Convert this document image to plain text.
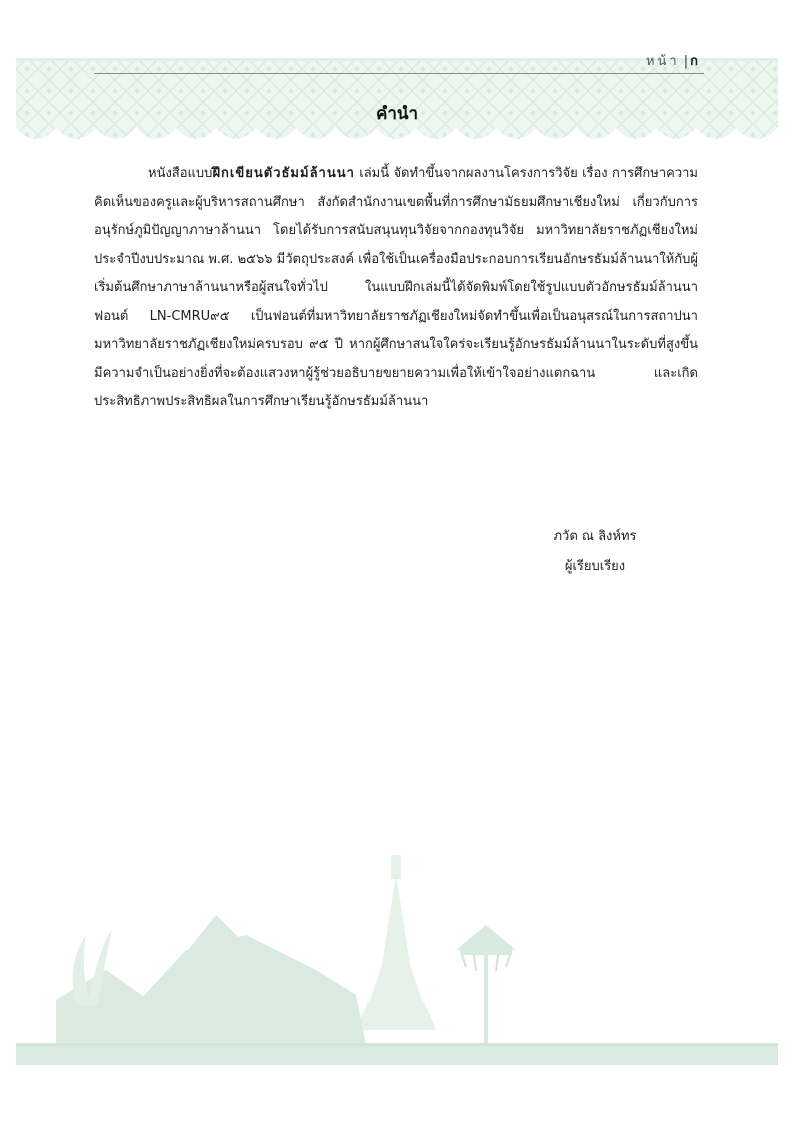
หน้า | ก
คำนำ
หนังสือแบบฝึกเขียนตัวธัมม์ล้านนา เล่มนี้ จัดทำขึ้นจากผลงานโครงการวิจัย เรื่อง การศึกษาความคิดเห็นของครูและผู้บริหารสถานศึกษา สังกัดสำนักงานเขตพื้นที่การศึกษามัธยมศึกษาเชียงใหม่ เกี่ยวกับการอนุรักษ์ภูมิปัญญาภาษาล้านนา โดยได้รับการสนับสนุนทุนวิจัยจากกองทุนวิจัย มหาวิทยาลัยราชภัฏเชียงใหม่ ประจำปีงบประมาณ พ.ศ. ๒๕๖๖ มีวัตถุประสงค์ เพื่อใช้เป็นเครื่องมือประกอบการเรียนอักษรธัมม์ล้านนาให้กับผู้เริ่มต้นศึกษาภาษาล้านนาหรือผู้สนใจทั่วไป ในแบบฝึกเล่มนี้ได้จัดพิมพ์โดยใช้รูปแบบตัวอักษรธัมม์ล้านนาฟอนต์ LN-CMRU๙๕ เป็นฟอนต์ที่มหาวิทยาลัยราชภัฏเชียงใหม่จัดทำขึ้นเพื่อเป็นอนุสรณ์ในการสถาปนามหาวิทยาลัยราชภัฏเชียงใหม่ครบรอบ ๙๕ ปี หากผู้ศึกษาสนใจใคร่จะเรียนรู้อักษรธัมม์ล้านนาในระดับที่สูงขึ้น มีความจำเป็นอย่างยิ่งที่จะต้องแสวงหาผู้รู้ช่วยอธิบายขยายความเพื่อให้เข้าใจอย่างแตกฉาน และเกิดประสิทธิภาพประสิทธิผลในการศึกษาเรียนรู้อักษรธัมม์ล้านนา
ภวัต ณ ลิงห์ทร
ผู้เรียบเรียง
